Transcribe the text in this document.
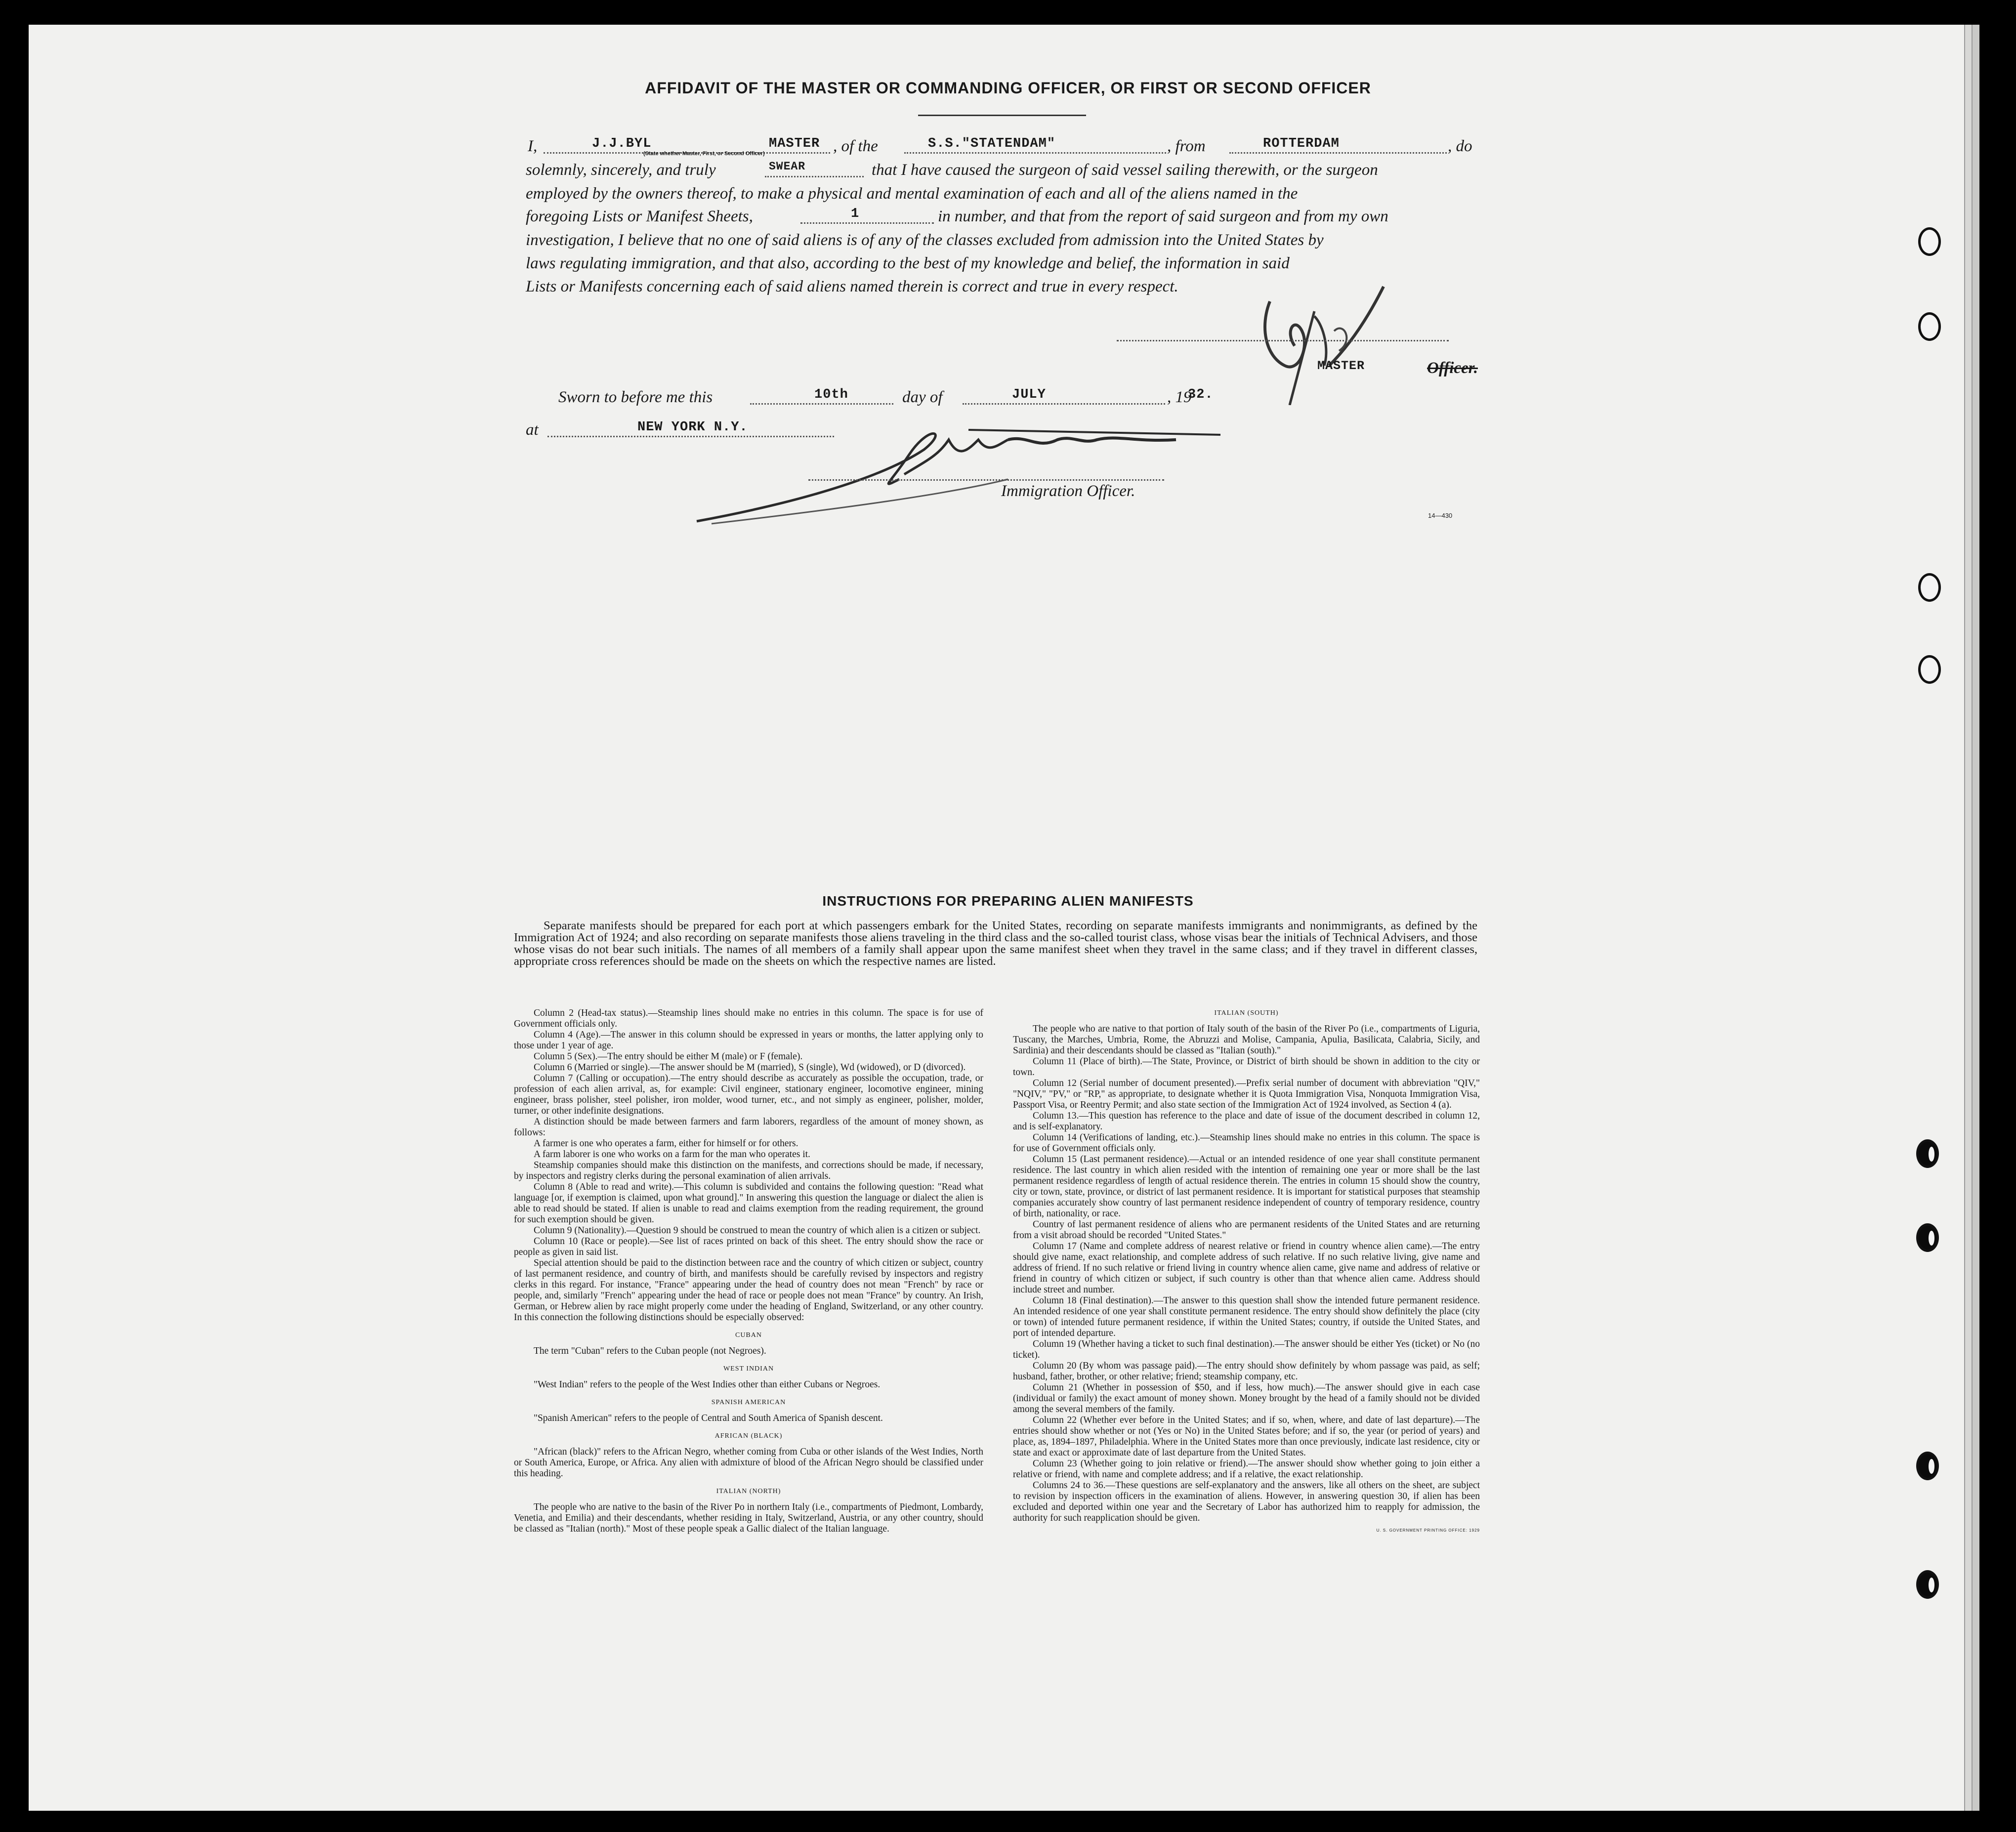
AFFIDAVIT OF THE MASTER OR COMMANDING OFFICER, OR FIRST OR SECOND OFFICER
I,	J.J.BYL	MASTER
(State whether Master, First, or Second Officer)	, of the	S.S."STATENDAM"	, from	ROTTERDAM	, do
solemnly, sincerely, and truly	SWEAR	that I have caused the surgeon of said vessel sailing therewith, or the surgeon
employed by the owners thereof, to make a physical and mental examination of each and all of the aliens named in the
foregoing Lists or Manifest Sheets,	1	in number, and that from the report of said surgeon and from my own
investigation, I believe that no one of said aliens is of any of the classes excluded from admission into the United States by
laws regulating immigration, and that also, according to the best of my knowledge and belief, the information in said
Lists or Manifests concerning each of said aliens named therein is correct and true in every respect.
MASTER	Officer.
Sworn to before me this	10th	day of	JULY	, 19
32.
at	NEW YORK N.Y.
Immigration Officer.
14—430
INSTRUCTIONS FOR PREPARING ALIEN MANIFESTS
Separate manifests should be prepared for each port at which passengers embark for the United States, recording on separate manifests immigrants and nonimmigrants, as defined by the Immigration Act of 1924; and also recording on separate manifests those aliens traveling in the third class and the so-called tourist class, whose visas bear the initials of Technical Advisers, and those whose visas do not bear such initials. The names of all members of a family shall appear upon the same manifest sheet when they travel in the same class; and if they travel in different classes, appropriate cross references should be made on the sheets on which the respective names are listed.

Column 2 (Head-tax status).—Steamship lines should make no entries in this column. The space is for use of Government officials only.

Column 4 (Age).—The answer in this column should be expressed in years or months, the latter applying only to those under 1 year of age.

Column 5 (Sex).—The entry should be either M (male) or F (female).

Column 6 (Married or single).—The answer should be M (married), S (single), Wd (widowed), or D (divorced).

Column 7 (Calling or occupation).—The entry should describe as accurately as possible the occupation, trade, or profession of each alien arrival, as, for example: Civil engineer, stationary engineer, locomotive engineer, mining engineer, brass polisher, steel polisher, iron molder, wood turner, etc., and not simply as engineer, polisher, molder, turner, or other indefinite designations.

A distinction should be made between farmers and farm laborers, regardless of the amount of money shown, as follows:

A farmer is one who operates a farm, either for himself or for others.

A farm laborer is one who works on a farm for the man who operates it.

Steamship companies should make this distinction on the manifests, and corrections should be made, if necessary, by inspectors and registry clerks during the personal examination of alien arrivals.

Column 8 (Able to read and write).—This column is subdivided and contains the following question: "Read what language [or, if exemption is claimed, upon what ground]." In answering this question the language or dialect the alien is able to read should be stated. If alien is unable to read and claims exemption from the reading requirement, the ground for such exemption should be given.

Column 9 (Nationality).—Question 9 should be construed to mean the country of which alien is a citizen or subject.

Column 10 (Race or people).—See list of races printed on back of this sheet. The entry should show the race or people as given in said list.

Special attention should be paid to the distinction between race and the country of which citizen or subject, country of last permanent residence, and country of birth, and manifests should be carefully revised by inspectors and registry clerks in this regard. For instance, "France" appearing under the head of country does not mean "French" by race or people, and, similarly "French" appearing under the head of race or people does not mean "France" by country. An Irish, German, or Hebrew alien by race might properly come under the heading of England, Switzerland, or any other country. In this connection the following distinctions should be especially observed:

CUBAN

The term "Cuban" refers to the Cuban people (not Negroes).

WEST INDIAN

"West Indian" refers to the people of the West Indies other than either Cubans or Negroes.

SPANISH AMERICAN

"Spanish American" refers to the people of Central and South America of Spanish descent.

AFRICAN (BLACK)

"African (black)" refers to the African Negro, whether coming from Cuba or other islands of the West Indies, North or South America, Europe, or Africa. Any alien with admixture of blood of the African Negro should be classified under this heading.

ITALIAN (NORTH)

The people who are native to the basin of the River Po in northern Italy (i.e., compartments of Piedmont, Lombardy, Venetia, and Emilia) and their descendants, whether residing in Italy, Switzerland, Austria, or any other country, should be classed as "Italian (north)." Most of these people speak a Gallic dialect of the Italian language.

ITALIAN (SOUTH)

The people who are native to that portion of Italy south of the basin of the River Po (i.e., compartments of Liguria, Tuscany, the Marches, Umbria, Rome, the Abruzzi and Molise, Campania, Apulia, Basilicata, Calabria, Sicily, and Sardinia) and their descendants should be classed as "Italian (south)."

Column 11 (Place of birth).—The State, Province, or District of birth should be shown in addition to the city or town.

Column 12 (Serial number of document presented).—Prefix serial number of document with abbreviation "QIV," "NQIV," "PV," or "RP," as appropriate, to designate whether it is Quota Immigration Visa, Nonquota Immigration Visa, Passport Visa, or Reentry Permit; and also state section of the Immigration Act of 1924 involved, as Section 4 (a).

Column 13.—This question has reference to the place and date of issue of the document described in column 12, and is self-explanatory.

Column 14 (Verifications of landing, etc.).—Steamship lines should make no entries in this column. The space is for use of Government officials only.

Column 15 (Last permanent residence).—Actual or an intended residence of one year shall constitute permanent residence. The last country in which alien resided with the intention of remaining one year or more shall be the last permanent residence regardless of length of actual residence therein. The entries in column 15 should show the country, city or town, state, province, or district of last permanent residence. It is important for statistical purposes that steamship companies accurately show country of last permanent residence independent of country of temporary residence, country of birth, nationality, or race.

Country of last permanent residence of aliens who are permanent residents of the United States and are returning from a visit abroad should be recorded "United States."

Column 17 (Name and complete address of nearest relative or friend in country whence alien came).—The entry should give name, exact relationship, and complete address of such relative. If no such relative living, give name and address of friend. If no such relative or friend living in country whence alien came, give name and address of relative or friend in country of which citizen or subject, if such country is other than that whence alien came. Address should include street and number.

Column 18 (Final destination).—The answer to this question shall show the intended future permanent residence. An intended residence of one year shall constitute permanent residence. The entry should show definitely the place (city or town) of intended future permanent residence, if within the United States; country, if outside the United States, and port of intended departure.

Column 19 (Whether having a ticket to such final destination).—The answer should be either Yes (ticket) or No (no ticket).

Column 20 (By whom was passage paid).—The entry should show definitely by whom passage was paid, as self; husband, father, brother, or other relative; friend; steamship company, etc.

Column 21 (Whether in possession of $50, and if less, how much).—The answer should give in each case (individual or family) the exact amount of money shown. Money brought by the head of a family should not be divided among the several members of the family.

Column 22 (Whether ever before in the United States; and if so, when, where, and date of last departure).—The entries should show whether or not (Yes or No) in the United States before; and if so, the year (or period of years) and place, as, 1894–1897, Philadelphia. Where in the United States more than once previously, indicate last residence, city or state and exact or approximate date of last departure from the United States.

Column 23 (Whether going to join relative or friend).—The answer should show whether going to join either a relative or friend, with name and complete address; and if a relative, the exact relationship.

Columns 24 to 36.—These questions are self-explanatory and the answers, like all others on the sheet, are subject to revision by inspection officers in the examination of aliens. However, in answering question 30, if alien has been excluded and deported within one year and the Secretary of Labor has authorized him to reapply for admission, the authority for such reapplication should be given.

U. S. GOVERNMENT PRINTING OFFICE: 1929
